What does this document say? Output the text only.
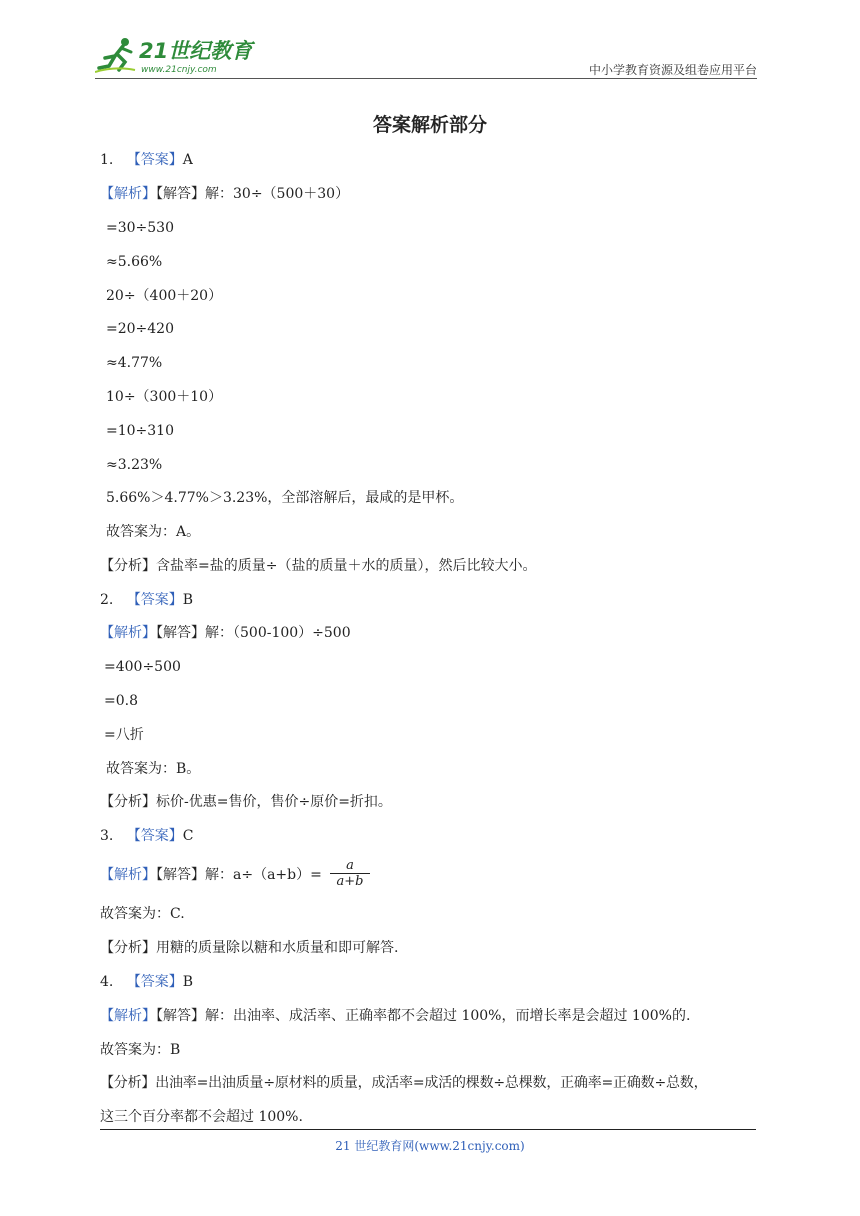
21世纪教育
www.21cnjy.com	中小学教育资源及组卷应用平台
答案解析部分
1. 【答案】A
【解析】【解答】解：30÷（500＋30）
=30÷530
≈5.66%
20÷（400＋20）
=20÷420
≈4.77%
10÷（300＋10）
=10÷310
≈3.23%
5.66%＞4.77%＞3.23%，全部溶解后，最咸的是甲杯。
故答案为：A。
【分析】含盐率=盐的质量÷（盐的质量＋水的质量），然后比较大小。
2. 【答案】B
【解析】【解答】解：（500-100）÷500
=400÷500
=0.8
=八折
故答案为：B。
【分析】标价-优惠=售价，售价÷原价=折扣。
3. 【答案】C
【解析】【解答】解：a÷（a+b）=
a
a+b
故答案为：C.
【分析】用糖的质量除以糖和水质量和即可解答.
4. 【答案】B
【解析】【解答】解：出油率、成活率、正确率都不会超过 100%，而增长率是会超过 100%的.
故答案为：B
【分析】出油率=出油质量÷原材料的质量，成活率=成活的棵数÷总棵数，正确率=正确数÷总数，
这三个百分率都不会超过 100%.
21 世纪教育网(www.21cnjy.com)
